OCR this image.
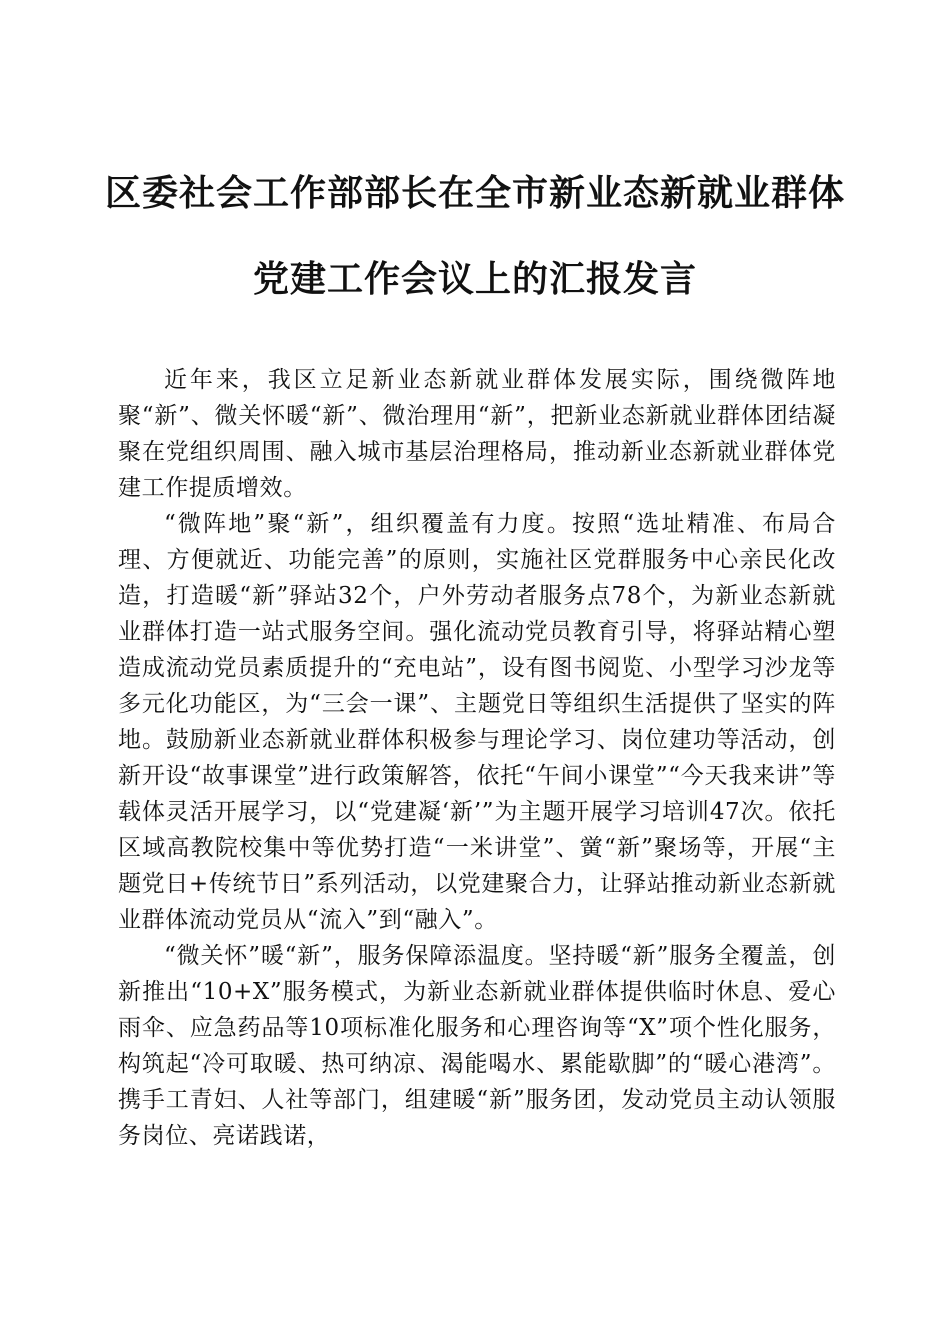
区委社会工作部部长在全市新业态新就业群体
党建工作会议上的汇报发言

近年来，我区立足新业态新就业群体发展实际，围绕微阵地聚“新”、微关怀暖“新”、微治理用“新”，把新业态新就业群体团结凝聚在党组织周围、融入城市基层治理格局，推动新业态新就业群体党建工作提质增效。

“微阵地”聚“新”，组织覆盖有力度。按照“选址精准、布局合理、方便就近、功能完善”的原则，实施社区党群服务中心亲民化改造，打造暖“新”驿站32个，户外劳动者服务点78个，为新业态新就业群体打造一站式服务空间。强化流动党员教育引导，将驿站精心塑造成流动党员素质提升的“充电站”，设有图书阅览、小型学习沙龙等多元化功能区，为“三会一课”、主题党日等组织生活提供了坚实的阵地。鼓励新业态新就业群体积极参与理论学习、岗位建功等活动，创新开设“故事课堂”进行政策解答，依托“午间小课堂”“今天我来讲”等载体灵活开展学习，以“党建凝‘新’”为主题开展学习培训47次。依托区域高教院校集中等优势打造“一米讲堂”、黉“新”聚场等，开展“主题党日+传统节日”系列活动，以党建聚合力，让驿站推动新业态新就业群体流动党员从“流入”到“融入”。

“微关怀”暖“新”，服务保障添温度。坚持暖“新”服务全覆盖，创新推出“10+X”服务模式，为新业态新就业群体提供临时休息、爱心雨伞、应急药品等10项标准化服务和心理咨询等“X”项个性化服务，构筑起“冷可取暖、热可纳凉、渴能喝水、累能歇脚”的“暖心港湾”。携手工青妇、人社等部门，组建暖“新”服务团，发动党员主动认领服务岗位、亮诺践诺，
